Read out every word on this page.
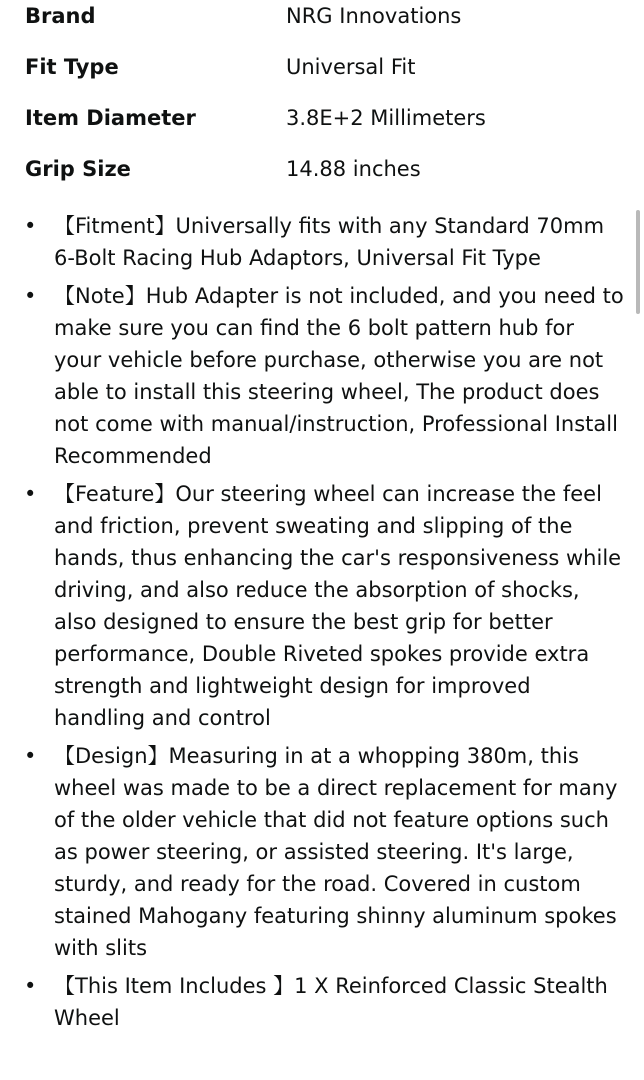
Brand	NRG Innovations
Fit Type	Universal Fit
Item Diameter	3.8E+2 Millimeters
Grip Size	14.88 inches
• 【Fitment】Universally fits with any Standard 70mm 6-Bolt Racing Hub Adaptors, Universal Fit Type
• 【Note】Hub Adapter is not included, and you need to make sure you can find the 6 bolt pattern hub for your vehicle before purchase, otherwise you are not able to install this steering wheel, The product does not come with manual/instruction, Professional Install Recommended
• 【Feature】Our steering wheel can increase the feel and friction, prevent sweating and slipping of the hands, thus enhancing the car's responsiveness while driving, and also reduce the absorption of shocks, also designed to ensure the best grip for better performance, Double Riveted spokes provide extra strength and lightweight design for improved handling and control
• 【Design】Measuring in at a whopping 380m, this wheel was made to be a direct replacement for many of the older vehicle that did not feature options such as power steering, or assisted steering. It's large, sturdy, and ready for the road. Covered in custom stained Mahogany featuring shinny aluminum spokes with slits
• 【This Item Includes 】1 X Reinforced Classic Stealth Wheel
